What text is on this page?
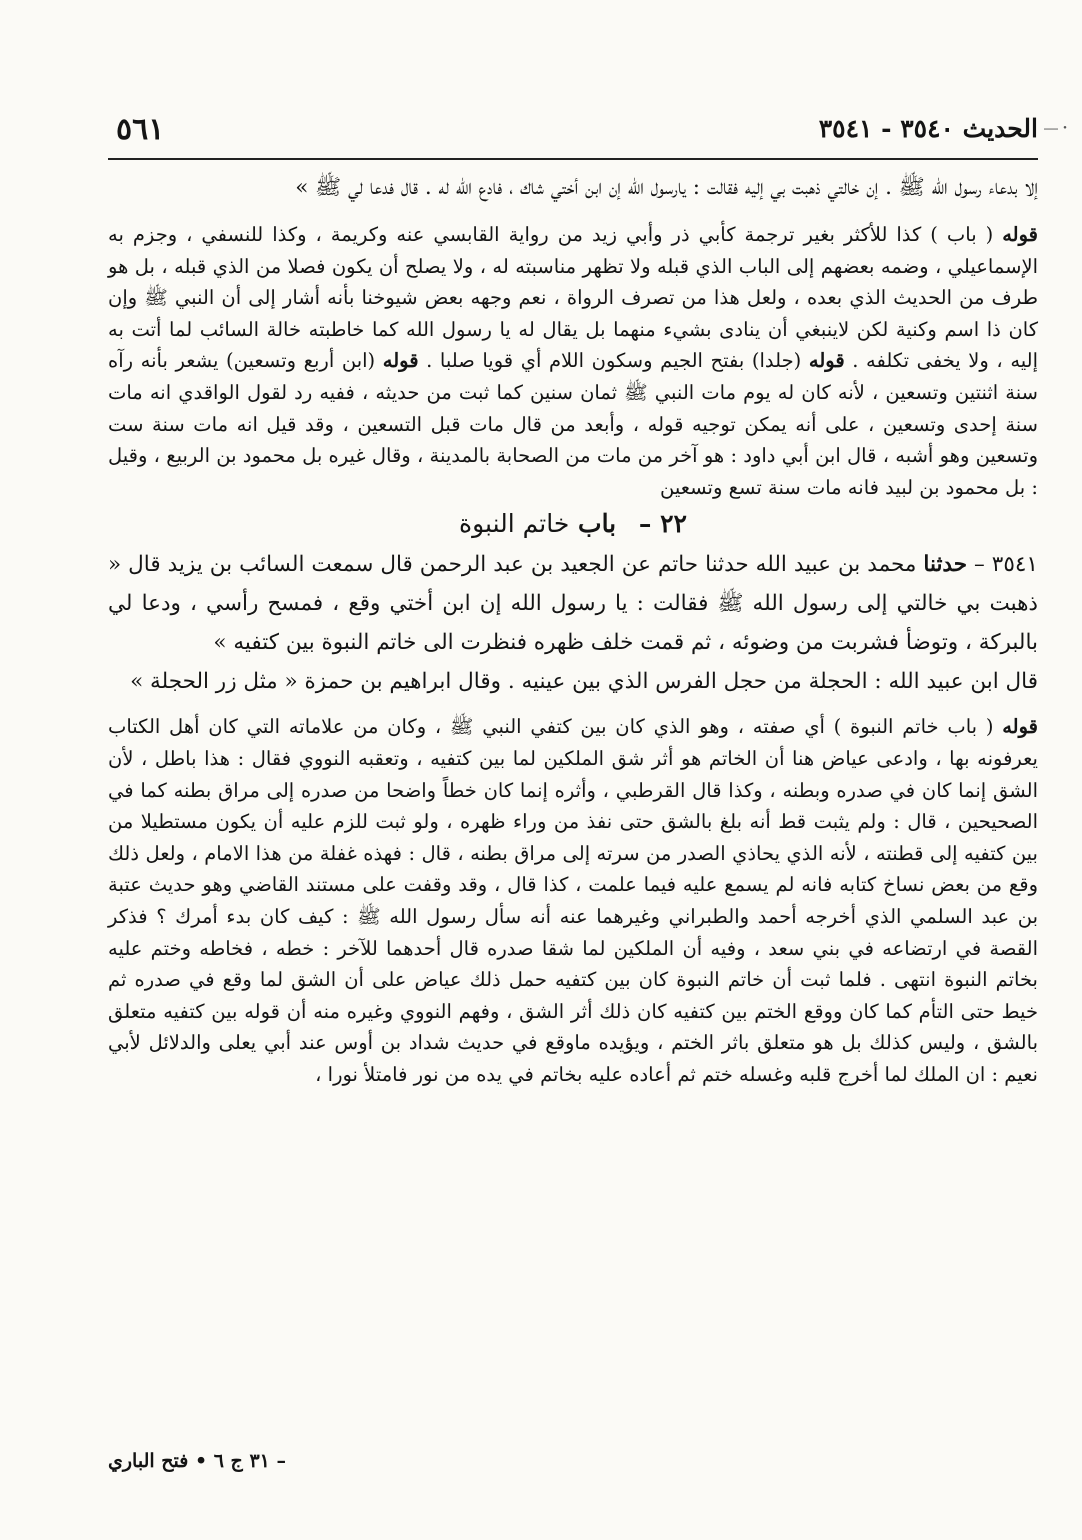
الحديث ٣٥٤٠ - ٣٥٤١
٥٦١	―・

إلا بدعاء رسول الله ﷺ . إن خالتي ذهبت بي إليه فقالت : يارسول الله إن ابن أختي شاك ، فادع الله له . قال فدعا لي ﷺ »

قوله ( باب ) كذا للأكثر بغير ترجمة كأبي ذر وأبي زيد من رواية القابسي عنه وكريمة ، وكذا للنسفي ، وجزم به الإسماعيلي ، وضمه بعضهم إلى الباب الذي قبله ولا تظهر مناسبته له ، ولا يصلح أن يكون فصلا من الذي قبله ، بل هو طرف من الحديث الذي بعده ، ولعل هذا من تصرف الرواة ، نعم وجهه بعض شيوخنا بأنه أشار إلى أن النبي ﷺ وإن كان ذا اسم وكنية لكن لاينبغي أن ينادى بشيء منهما بل يقال له يا رسول الله كما خاطبته خالة السائب لما أتت به إليه ، ولا يخفى تكلفه . قوله (جلدا) بفتح الجيم وسكون اللام أي قويا صلبا . قوله (ابن أربع وتسعين) يشعر بأنه رآه سنة اثنتين وتسعين ، لأنه كان له يوم مات النبي ﷺ ثمان سنين كما ثبت من حديثه ، ففيه رد لقول الواقدي انه مات سنة إحدى وتسعين ، على أنه يمكن توجيه قوله ، وأبعد من قال مات قبل التسعين ، وقد قيل انه مات سنة ست وتسعين وهو أشبه ، قال ابن أبي داود : هو آخر من مات من الصحابة بالمدينة ، وقال غيره بل محمود بن الربيع ، وقيل : بل محمود بن لبيد فانه مات سنة تسع وتسعين

٢٢ – باب خاتم النبوة

٣٥٤١ – حدثنا محمد بن عبيد الله حدثنا حاتم عن الجعيد بن عبد الرحمن قال سمعت السائب بن يزيد قال « ذهبت بي خالتي إلى رسول الله ﷺ فقالت : يا رسول الله إن ابن أختي وقع ، فمسح رأسي ، ودعا لي بالبركة ، وتوضأ فشربت من وضوئه ، ثم قمت خلف ظهره فنظرت الى خاتم النبوة بين كتفيه »

قال ابن عبيد الله : الحجلة من حجل الفرس الذي بين عينيه . وقال ابراهيم بن حمزة « مثل زر الحجلة »

قوله ( باب خاتم النبوة ) أي صفته ، وهو الذي كان بين كتفي النبي ﷺ ، وكان من علاماته التي كان أهل الكتاب يعرفونه بها ، وادعى عياض هنا أن الخاتم هو أثر شق الملكين لما بين كتفيه ، وتعقبه النووي فقال : هذا باطل ، لأن الشق إنما كان في صدره وبطنه ، وكذا قال القرطبي ، وأثره إنما كان خطاً واضحا من صدره إلى مراق بطنه كما في الصحيحين ، قال : ولم يثبت قط أنه بلغ بالشق حتى نفذ من وراء ظهره ، ولو ثبت للزم عليه أن يكون مستطيلا من بين كتفيه إلى قطنته ، لأنه الذي يحاذي الصدر من سرته إلى مراق بطنه ، قال : فهذه غفلة من هذا الامام ، ولعل ذلك وقع من بعض نساخ كتابه فانه لم يسمع عليه فيما علمت ، كذا قال ، وقد وقفت على مستند القاضي وهو حديث عتبة بن عبد السلمي الذي أخرجه أحمد والطبراني وغيرهما عنه أنه سأل رسول الله ﷺ : كيف كان بدء أمرك ؟ فذكر القصة في ارتضاعه في بني سعد ، وفيه أن الملكين لما شقا صدره قال أحدهما للآخر : خطه ، فخاطه وختم عليه بخاتم النبوة انتهى . فلما ثبت أن خاتم النبوة كان بين كتفيه حمل ذلك عياض على أن الشق لما وقع في صدره ثم خيط حتى التأم كما كان ووقع الختم بين كتفيه كان ذلك أثر الشق ، وفهم النووي وغيره منه أن قوله بين كتفيه متعلق بالشق ، وليس كذلك بل هو متعلق باثر الختم ، ويؤيده ماوقع في حديث شداد بن أوس عند أبي يعلى والدلائل لأبي نعيم : ان الملك لما أخرج قلبه وغسله ختم ثم أعاده عليه بخاتم في يده من نور فامتلأ نورا ،

– ٣١ ج ٦ • فتح الباري
